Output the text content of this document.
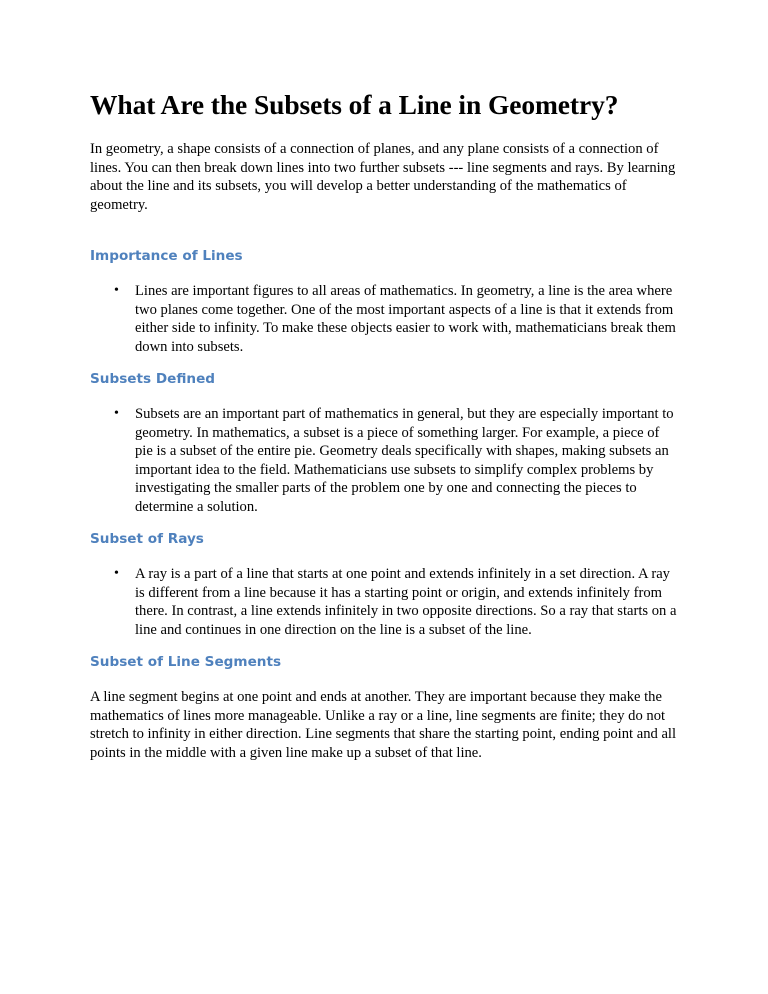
What Are the Subsets of a Line in Geometry?

In geometry, a shape consists of a connection of planes, and any plane consists of a connection of lines. You can then break down lines into two further subsets --- line segments and rays. By learning about the line and its subsets, you will develop a better understanding of the mathematics of geometry.

Importance of Lines
• Lines are important figures to all areas of mathematics. In geometry, a line is the area where two planes come together. One of the most important aspects of a line is that it extends from either side to infinity. To make these objects easier to work with, mathematicians break them down into subsets.

Subsets Defined
• Subsets are an important part of mathematics in general, but they are especially important to geometry. In mathematics, a subset is a piece of something larger. For example, a piece of pie is a subset of the entire pie. Geometry deals specifically with shapes, making subsets an important idea to the field. Mathematicians use subsets to simplify complex problems by investigating the smaller parts of the problem one by one and connecting the pieces to determine a solution.

Subset of Rays
• A ray is a part of a line that starts at one point and extends infinitely in a set direction. A ray is different from a line because it has a starting point or origin, and extends infinitely from there. In contrast, a line extends infinitely in two opposite directions. So a ray that starts on a line and continues in one direction on the line is a subset of the line.

Subset of Line Segments

A line segment begins at one point and ends at another. They are important because they make the mathematics of lines more manageable. Unlike a ray or a line, line segments are finite; they do not stretch to infinity in either direction. Line segments that share the starting point, ending point and all points in the middle with a given line make up a subset of that line.
